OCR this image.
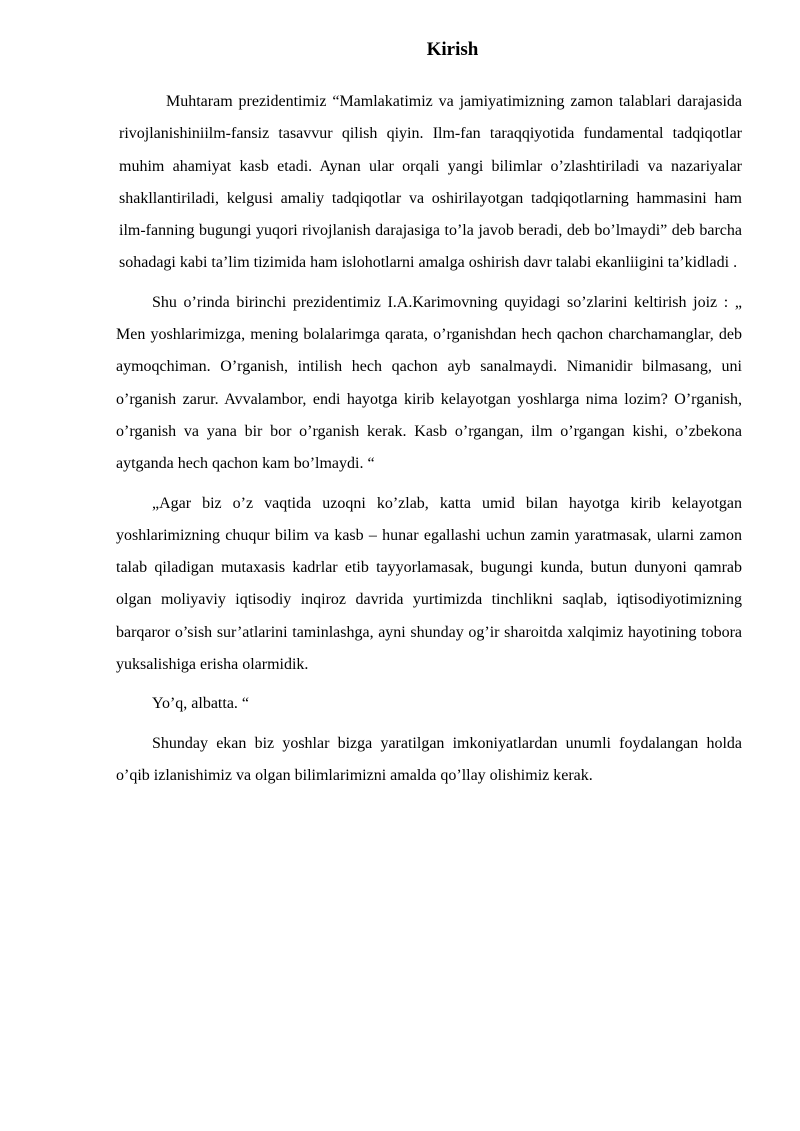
Kirish

Muhtaram prezidentimiz “Mamlakatimiz va jamiyatimizning zamon talablari darajasida rivojlanishiniilm-fansiz tasavvur qilish qiyin. Ilm-fan taraqqiyotida fundamental tadqiqotlar muhim ahamiyat kasb etadi. Aynan ular orqali yangi bilimlar o’zlashtiriladi va nazariyalar shakllantiriladi, kelgusi amaliy tadqiqotlar va oshirilayotgan tadqiqotlarning hammasini ham ilm-fanning bugungi yuqori rivojlanish darajasiga to’la javob beradi, deb bo’lmaydi” deb barcha sohadagi kabi ta’lim tizimida ham islohotlarni amalga oshirish davr talabi ekanliigini ta’kidladi .

Shu o’rinda birinchi prezidentimiz I.A.Karimovning quyidagi so’zlarini keltirish joiz : „ Men yoshlarimizga, mening bolalarimga qarata, o’rganishdan hech qachon charchamanglar, deb aymoqchiman. O’rganish, intilish hech qachon ayb sanalmaydi. Nimanidir bilmasang, uni o’rganish zarur. Avvalambor, endi hayotga kirib kelayotgan yoshlarga nima lozim? O’rganish, o’rganish va yana bir bor o’rganish kerak. Kasb o’rgangan, ilm o’rgangan kishi, o’zbekona aytganda hech qachon kam bo’lmaydi. “

„Agar biz o’z vaqtida uzoqni ko’zlab, katta umid bilan hayotga kirib kelayotgan yoshlarimizning chuqur bilim va kasb – hunar egallashi uchun zamin yaratmasak, ularni zamon talab qiladigan mutaxasis kadrlar etib tayyorlamasak, bugungi kunda, butun dunyoni qamrab olgan moliyaviy iqtisodiy inqiroz davrida yurtimizda tinchlikni saqlab, iqtisodiyotimizning barqaror o’sish sur’atlarini taminlashga, ayni shunday og’ir sharoitda xalqimiz hayotining tobora yuksalishiga erisha olarmidik.

Yo’q, albatta. “

Shunday ekan biz yoshlar bizga yaratilgan imkoniyatlardan unumli foydalangan holda o’qib izlanishimiz va olgan bilimlarimizni amalda qo’llay olishimiz kerak.
